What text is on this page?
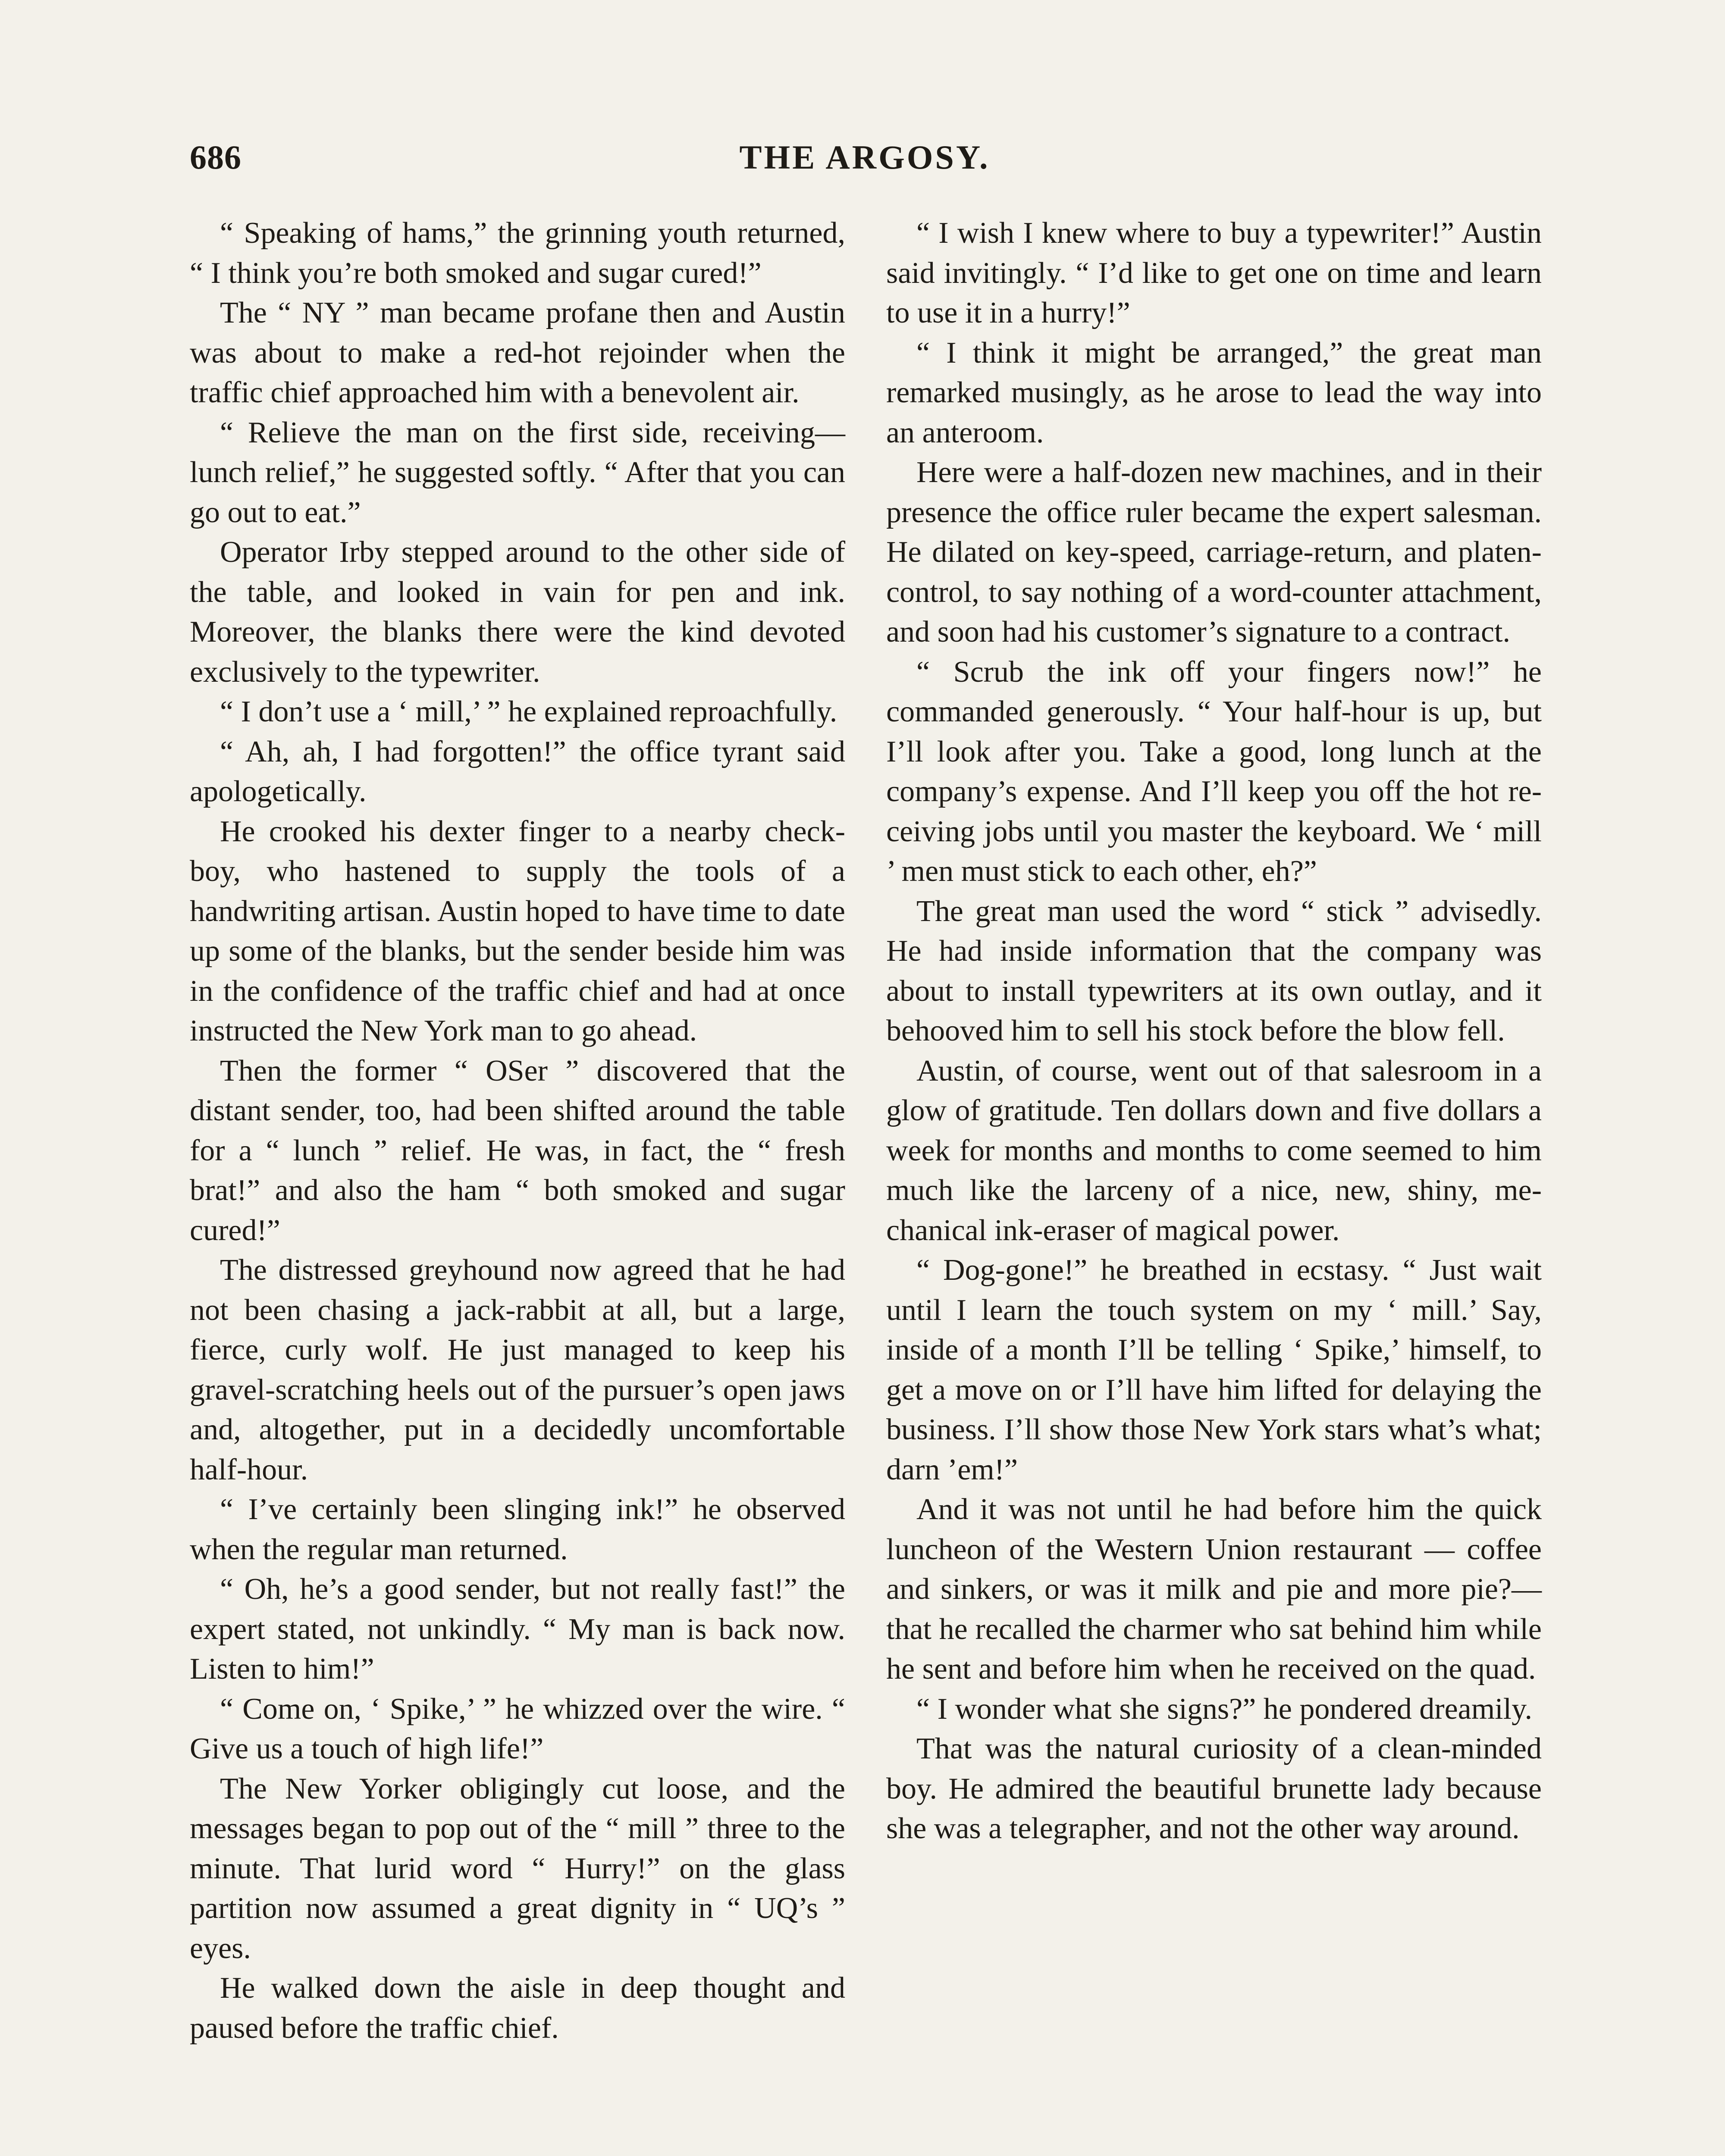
686	THE ARGOSY.

“ Speaking of hams,” the grinning youth returned, “ I think you’re both smoked and sugar cured!”

The “ NY ” man became profane then and Austin was about to make a red-hot rejoinder when the traffic chief approached him with a benevolent air.

“ Relieve the man on the first side, receiving—lunch relief,” he suggested softly. “ After that you can go out to eat.”

Operator Irby stepped around to the other side of the table, and looked in vain for pen and ink. Moreover, the blanks there were the kind devoted exclusively to the typewriter.

“ I don’t use a ‘ mill,’ ” he explained reproachfully.

“ Ah, ah, I had forgotten!” the office tyrant said apologetically.

He crooked his dexter finger to a nearby check-boy, who hastened to supply the tools of a handwriting artisan. Austin hoped to have time to date up some of the blanks, but the sender beside him was in the confidence of the traffic chief and had at once instructed the New York man to go ahead.

Then the former “ OSer ” discovered that the distant sender, too, had been shifted around the table for a “ lunch ” relief. He was, in fact, the “ fresh brat!” and also the ham “ both smoked and sugar cured!”

The distressed greyhound now agreed that he had not been chasing a jack-rabbit at all, but a large, fierce, curly wolf. He just managed to keep his gravel-scratching heels out of the pursuer’s open jaws and, altogether, put in a decidedly uncomfortable half-hour.

“ I’ve certainly been slinging ink!” he observed when the regular man returned.

“ Oh, he’s a good sender, but not really fast!” the expert stated, not unkindly. “ My man is back now. Listen to him!”

“ Come on, ‘ Spike,’ ” he whizzed over the wire. “ Give us a touch of high life!”

The New Yorker obligingly cut loose, and the messages began to pop out of the “ mill ” three to the minute. That lurid word “ Hurry!” on the glass partition now assumed a great dignity in “ UQ’s ” eyes.

He walked down the aisle in deep thought and paused before the traffic chief.

“ I wish I knew where to buy a typewriter!” Austin said invitingly. “ I’d like to get one on time and learn to use it in a hurry!”

“ I think it might be arranged,” the great man remarked musingly, as he arose to lead the way into an anteroom.

Here were a half-dozen new machines, and in their presence the office ruler became the expert salesman. He dilated on key-speed, carriage-return, and platen-control, to say nothing of a word-counter attachment, and soon had his customer’s signature to a contract.

“ Scrub the ink off your fingers now!” he commanded generously. “ Your half-hour is up, but I’ll look after you. Take a good, long lunch at the company’s expense. And I’ll keep you off the hot receiving jobs until you master the keyboard. We ‘ mill ’ men must stick to each other, eh?”

The great man used the word “ stick ” advisedly. He had inside information that the company was about to install typewriters at its own outlay, and it behooved him to sell his stock before the blow fell.

Austin, of course, went out of that salesroom in a glow of gratitude. Ten dollars down and five dollars a week for months and months to come seemed to him much like the larceny of a nice, new, shiny, mechanical ink-eraser of magical power.

“ Dog-gone!” he breathed in ecstasy. “ Just wait until I learn the touch system on my ‘ mill.’ Say, inside of a month I’ll be telling ‘ Spike,’ himself, to get a move on or I’ll have him lifted for delaying the business. I’ll show those New York stars what’s what; darn ’em!”

And it was not until he had before him the quick luncheon of the Western Union restaurant — coffee and sinkers, or was it milk and pie and more pie?—that he recalled the charmer who sat behind him while he sent and before him when he received on the quad.

“ I wonder what she signs?” he pondered dreamily.

That was the natural curiosity of a clean-minded boy. He admired the beautiful brunette lady because she was a telegrapher, and not the other way around.
